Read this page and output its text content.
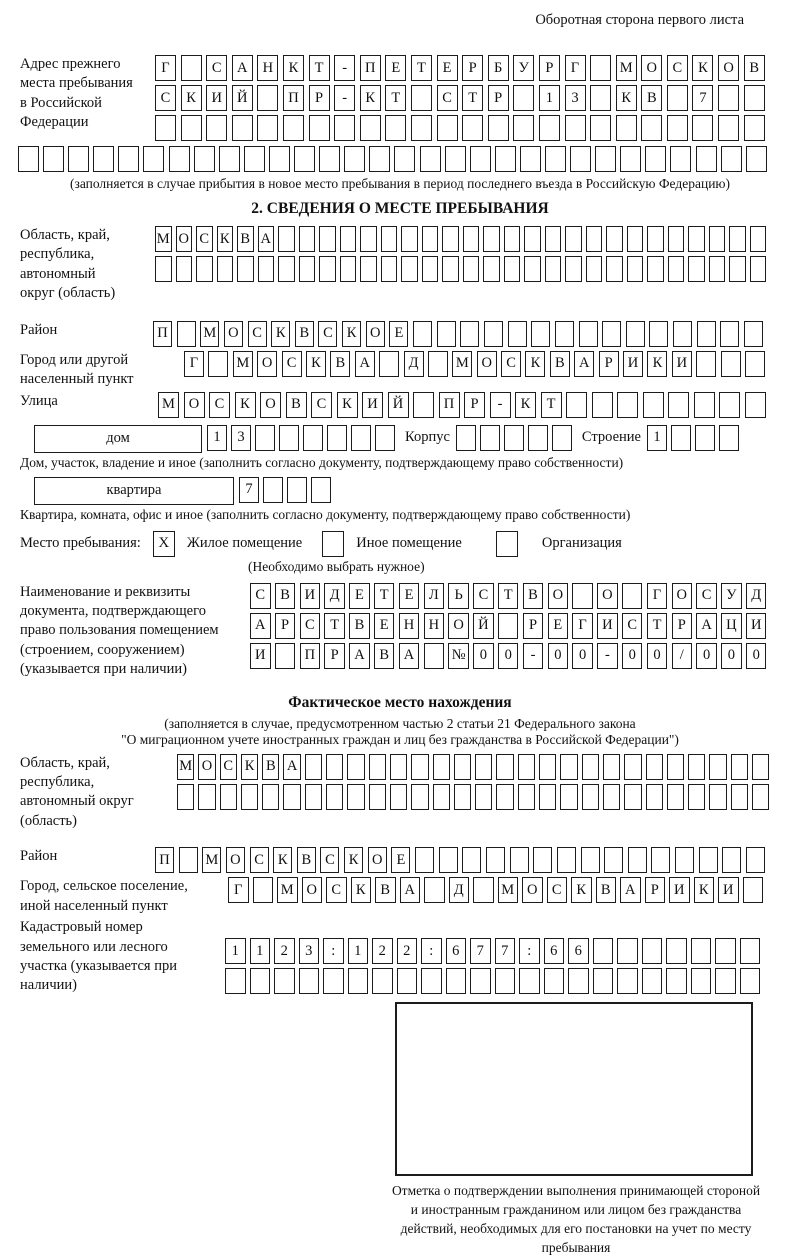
Оборотная сторона первого листа
Адрес прежнего места пребывания в Российской Федерации
Г	С	А	Н	К	Т	-	П	Е	Т	Е	Р	Б	У	Р	Г	М О	С	К	О	В
С	К	И	Й	П	Р	-	К	Т	С	Т	Р	1	3	К	В	7
(заполняется в случае прибытия в новое место пребывания в период последнего въезда в Российскую Федерацию)
2. СВЕДЕНИЯ О МЕСТЕ ПРЕБЫВАНИЯ
Область, край, республика, автономный округ (область)
М О С К В А
Район	П М О С К В С К О Е
Город или другой населенный пункт
Г	М О С	К	В А	Д	М О С	К	В А	Р	И К И
Улица	М О	С	К	О	В	С	К	И	Й	П	Р	-	К	Т
дом	1	3	Корпус	Строение 1
Дом, участок, владение и иное (заполнить согласно документу, подтверждающему право собственности)
квартира	7
Квартира, комната, офис и иное (заполнить согласно документу, подтверждающему право собственности)
Место пребывания:	X	Жилое помещение	Иное помещение	Организация
(Необходимо выбрать нужное)
Наименование и реквизиты документа, подтверждающего право пользования помещением (строением, сооружением) (указывается при наличии)
С	В	И	Д	Е	Т	Е	Л	Ь	С	Т	В	О	О	Г	О	С	У	Д
А	Р	С	Т	В	Е	Н Н О Й	Р	Е	Г	И	С	Т	Р	А Ц И
И	П	Р	А	В	А	№ 0	0	-	0	0	-	0	0	/	0	0	0
Фактическое место нахождения
(заполняется в случае, предусмотренном частью 2 статьи 21 Федерального закона
"О миграционном учете иностранных граждан и лиц без гражданства в Российской Федерации")
Область, край, республика, автономный округ (область)
М О С К В А
Район	П М О С К В С К О Е
Город, сельское поселение, иной населенный пункт
Г	М О С	К	В А	Д	М О С	К	В А	Р	И К И
Кадастровый номер земельного или лесного участка (указывается при наличии)
1	1	2	3	:	1	2	2	:	6	7	7	:	6	6
Отметка о подтверждении выполнения принимающей стороной и иностранным гражданином или лицом без гражданства действий, необходимых для его постановки на учет по месту пребывания
